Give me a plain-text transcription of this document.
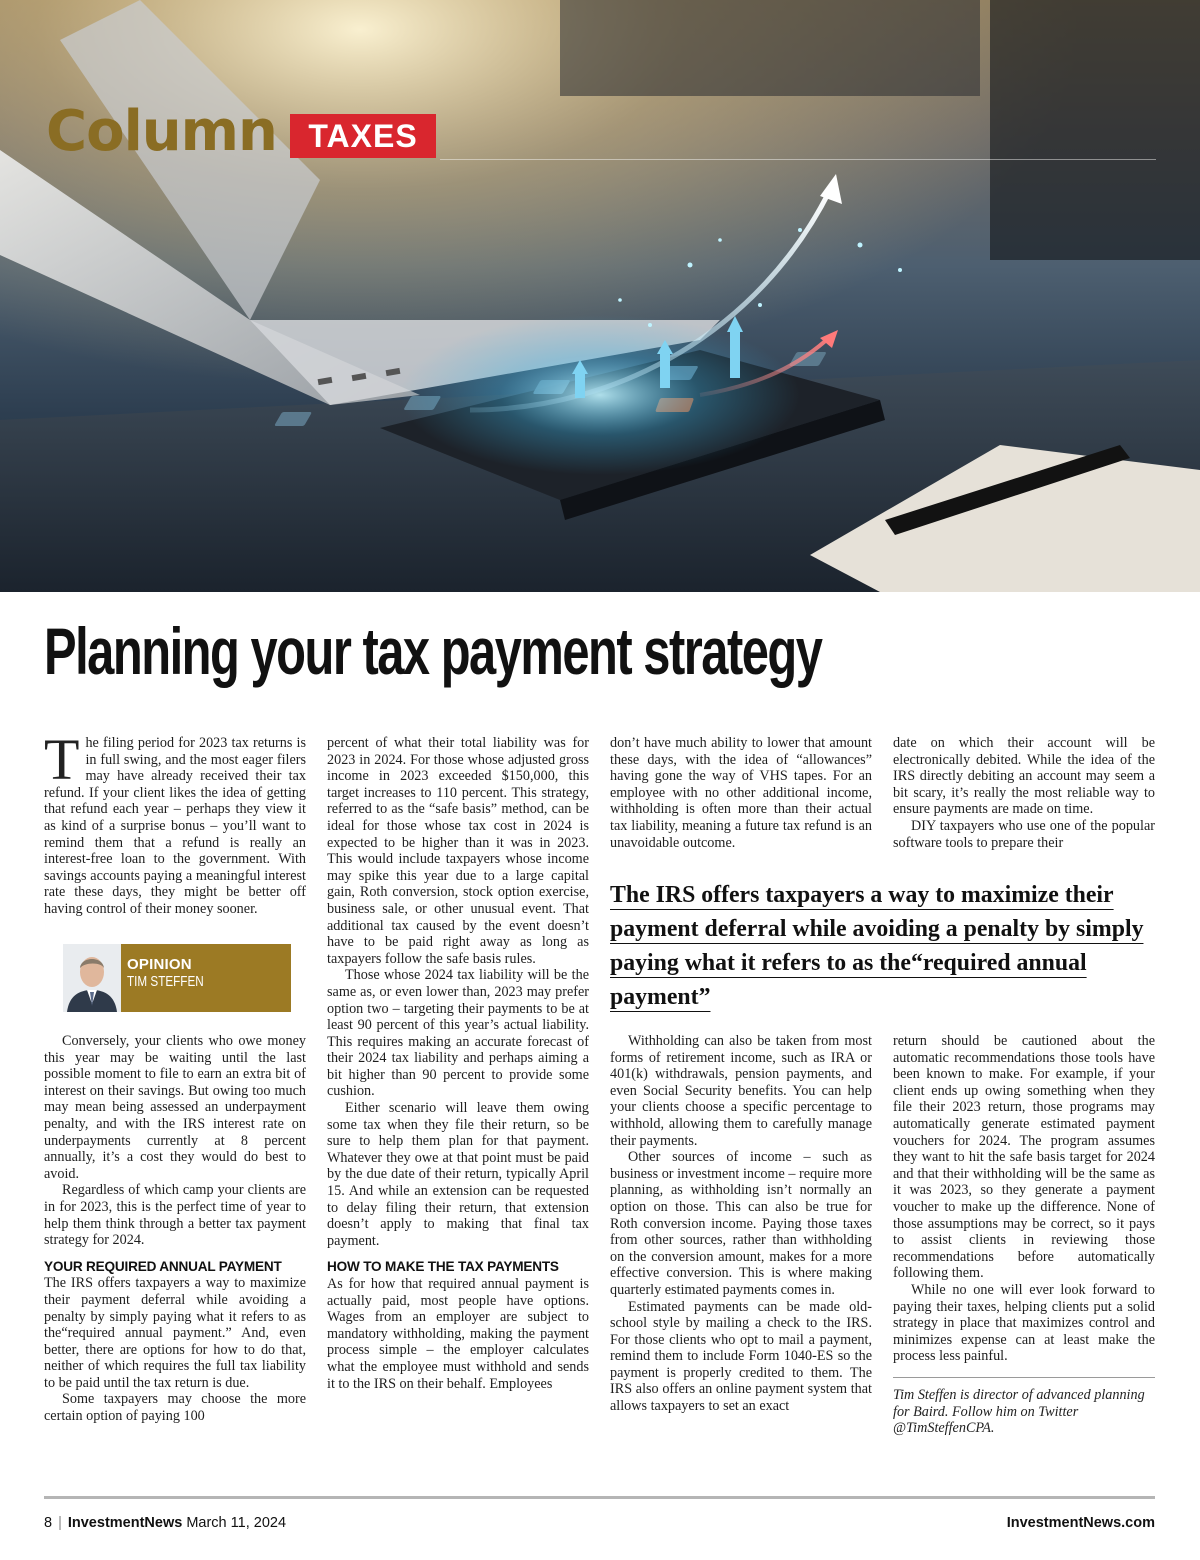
Column TAXES
Planning your tax payment strategy

The filing period for 2023 tax returns is in full swing, and the most eager filers may have already received their tax refund. If your client likes the idea of getting that refund each year – perhaps they view it as kind of a surprise bonus – you’ll want to remind them that a refund is really an interest-free loan to the government. With savings accounts paying a meaningful interest rate these days, they might be better off having control of their money sooner.

OPINION
TIM STEFFEN

Conversely, your clients who owe money this year may be waiting until the last possible moment to file to earn an extra bit of interest on their savings. But owing too much may mean being assessed an underpayment penalty, and with the IRS interest rate on underpayments currently at 8 percent annually, it’s a cost they would do best to avoid.

Regardless of which camp your clients are in for 2023, this is the perfect time of year to help them think through a better tax payment strategy for 2024.

YOUR REQUIRED ANNUAL PAYMENT

The IRS offers taxpayers a way to maximize their payment deferral while avoiding a penalty by simply paying what it refers to as the“required annual payment.” And, even better, there are options for how to do that, neither of which requires the full tax liability to be paid until the tax return is due.

Some taxpayers may choose the more certain option of paying 100

percent of what their total liability was for 2023 in 2024. For those whose adjusted gross income in 2023 exceeded $150,000, this target increases to 110 percent. This strategy, referred to as the “safe basis” method, can be ideal for those whose tax cost in 2024 is expected to be higher than it was in 2023. This would include taxpayers whose income may spike this year due to a large capital gain, Roth conversion, stock option exercise, business sale, or other unusual event. That additional tax caused by the event doesn’t have to be paid right away as long as taxpayers follow the safe basis rules.

Those whose 2024 tax liability will be the same as, or even lower than, 2023 may prefer option two – targeting their payments to be at least 90 percent of this year’s actual liability. This requires making an accurate forecast of their 2024 tax liability and perhaps aiming a bit higher than 90 percent to provide some cushion.

Either scenario will leave them owing some tax when they file their return, so be sure to help them plan for that payment. Whatever they owe at that point must be paid by the due date of their return, typically April 15. And while an extension can be requested to delay filing their return, that extension doesn’t apply to making that final tax payment.

HOW TO MAKE THE TAX PAYMENTS

As for how that required annual payment is actually paid, most people have options. Wages from an employer are subject to mandatory withholding, making the payment process simple – the employer calculates what the employee must withhold and sends it to the IRS on their behalf. Employees

don’t have much ability to lower that amount these days, with the idea of “allowances” having gone the way of VHS tapes. For an employee with no other additional income, withholding is often more than their actual tax liability, meaning a future tax refund is an unavoidable outcome.

date on which their account will be electronically debited. While the idea of the IRS directly debiting an account may seem a bit scary, it’s really the most reliable way to ensure payments are made on time.

DIY taxpayers who use one of the popular software tools to prepare their

The IRS offers taxpayers a way to maximize their payment deferral while avoiding a penalty by simply paying what it refers to as the“required annual payment”

Withholding can also be taken from most forms of retirement income, such as IRA or 401(k) withdrawals, pension payments, and even Social Security benefits. You can help your clients choose a specific percentage to withhold, allowing them to carefully manage their payments.

Other sources of income – such as business or investment income – require more planning, as withholding isn’t normally an option on those. This can also be true for Roth conversion income. Paying those taxes from other sources, rather than withholding on the conversion amount, makes for a more effective conversion. This is where making quarterly estimated payments comes in.

Estimated payments can be made old-school style by mailing a check to the IRS. For those clients who opt to mail a payment, remind them to include Form 1040-ES so the payment is properly credited to them. The IRS also offers an online payment system that allows taxpayers to set an exact

return should be cautioned about the automatic recommendations those tools have been known to make. For example, if your client ends up owing something when they file their 2023 return, those programs may automatically generate estimated payment vouchers for 2024. The program assumes they want to hit the safe basis target for 2024 and that their withholding will be the same as it was 2023, so they generate a payment voucher to make up the difference. None of those assumptions may be correct, so it pays to assist clients in reviewing those recommendations before automatically following them.

While no one will ever look forward to paying their taxes, helping clients put a solid strategy in place that maximizes control and minimizes expense can at least make the process less painful.

Tim Steffen is director of advanced planning for Baird. Follow him on Twitter @TimSteffenCPA.
8 | InvestmentNews March 11, 2024	InvestmentNews.com
